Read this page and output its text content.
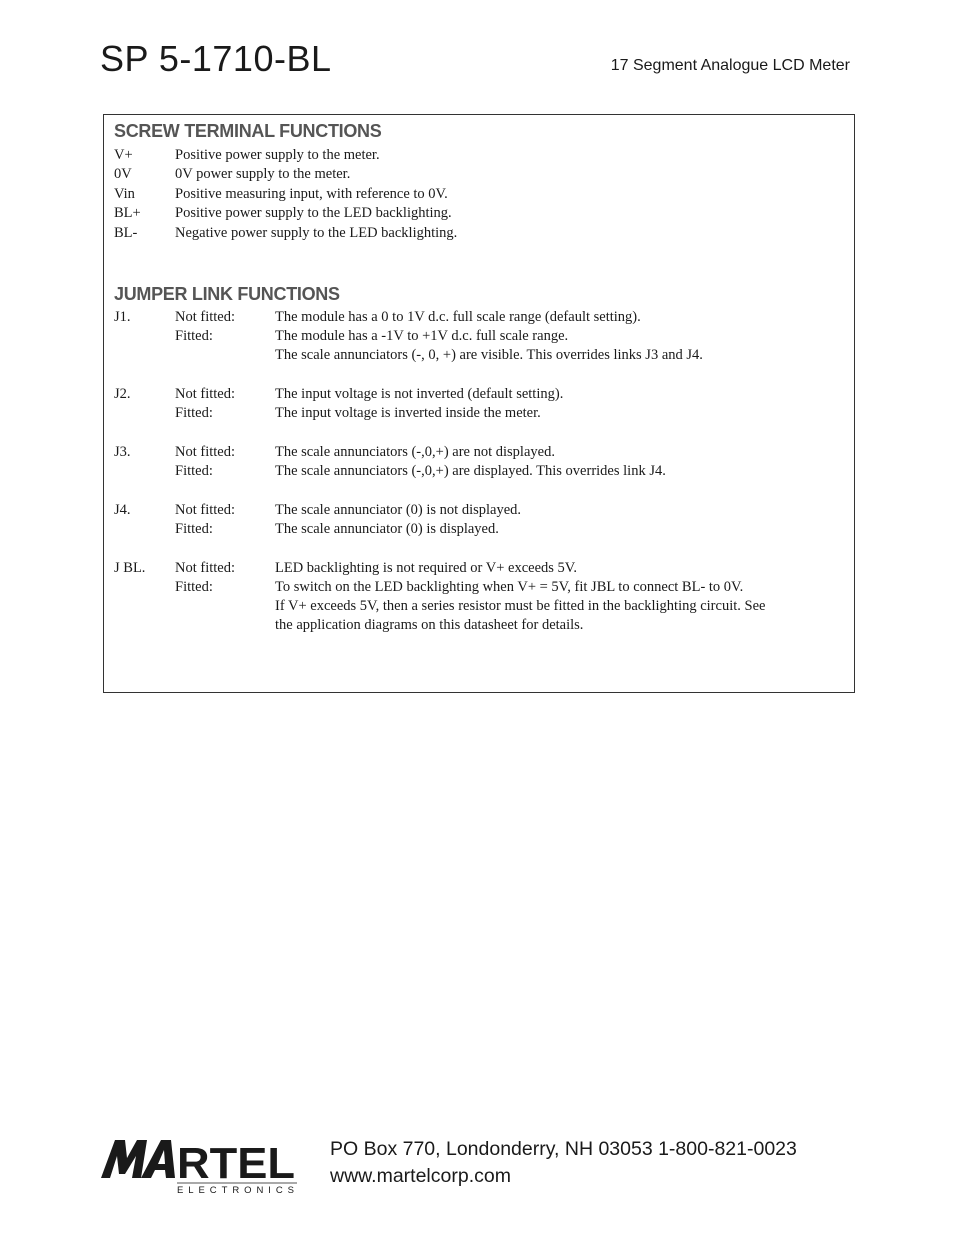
SP 5-1710-BL	17 Segment Analogue LCD Meter
SCREW TERMINAL FUNCTIONS
V+	Positive power supply to the meter.
0V	0V power supply to the meter.
Vin	Positive measuring input, with reference to 0V.
BL+ Positive power supply to the LED backlighting.
BL-	Negative power supply to the LED backlighting.
JUMPER LINK FUNCTIONS
J1.	Not fitted:	The module has a 0 to 1V d.c. full scale range (default setting).
Fitted:	The module has a -1V to +1V d.c. full scale range.
The scale annunciators (-, 0, +) are visible. This overrides links J3 and J4.
J2.	Not fitted:	The input voltage is not inverted (default setting).
Fitted:	The input voltage is inverted inside the meter.
J3.	Not fitted:	The scale annunciators (-,0,+) are not displayed.
Fitted:	The scale annunciators (-,0,+) are displayed. This overrides link J4.
J4.	Not fitted:	The scale annunciator (0) is not displayed.
Fitted:	The scale annunciator (0) is displayed.
J BL. Not fitted:	LED backlighting is not required or V+ exceeds 5V.
Fitted:	To switch on the LED backlighting when V+ = 5V, fit JBL to connect BL- to 0V.
If V+ exceeds 5V, then a series resistor must be fitted in the backlighting circuit. See
the application diagrams on this datasheet for details.
RTEL
ELECTRONICS
PO Box 770, Londonderry, NH 03053 1-800-821-0023
www.martelcorp.com
